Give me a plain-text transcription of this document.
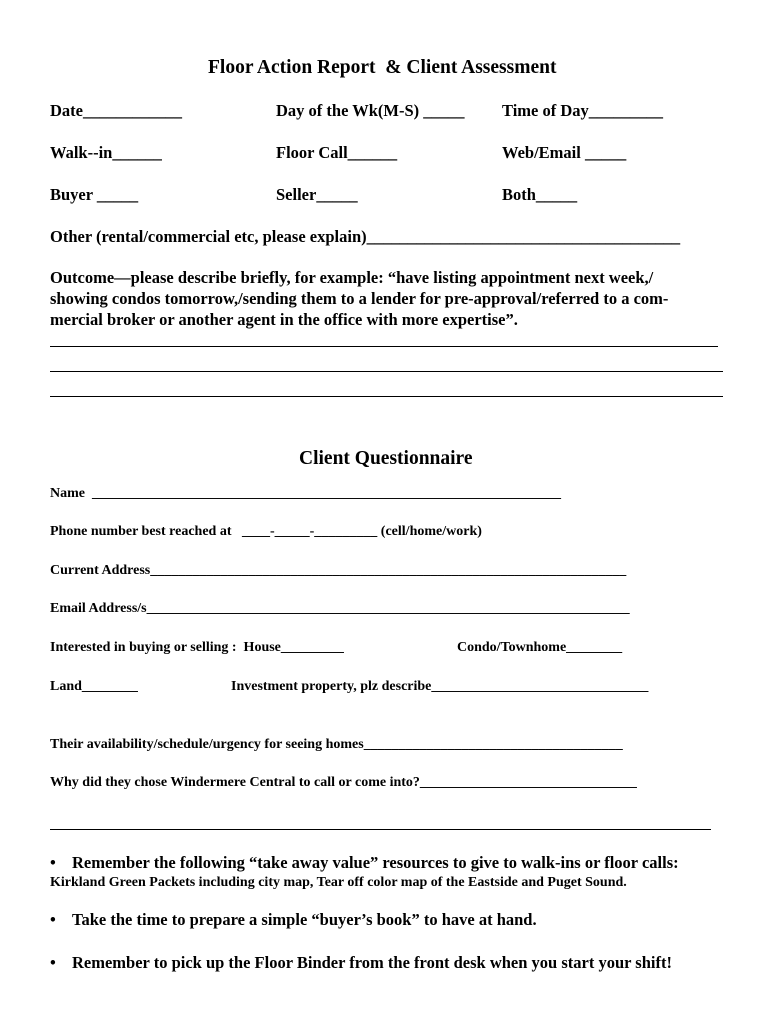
Floor Action Report  & Client Assessment
Date____________	Day of the Wk(M-S) _____ Time of Day_________
Walk--in______	Floor Call______	Web/Email _____
Buyer _____	Seller_____	Both_____
Other (rental/commercial etc, please explain)______________________________________
Outcome—please describe briefly, for example: “have listing appointment next week,/
showing condos tomorrow,/sending them to a lender for pre-approval/referred to a com-
mercial broker or another agent in the office with more expertise”.
Client Questionnaire
Name  ___________________________________________________________________
Phone number best reached at   ____-_____-_________ (cell/home/work)
Current Address____________________________________________________________________
Email Address/s_____________________________________________________________________
Interested in buying or selling :  House_________	Condo/Townhome________
Land________	Investment property, plz describe_______________________________
Their availability/schedule/urgency for seeing homes_____________________________________
Why did they chose Windermere Central to call or come into?_______________________________
• Remember the following “take away value” resources to give to walk-ins or floor calls:
Kirkland Green Packets including city map, Tear off color map of the Eastside and Puget Sound.
• Take the time to prepare a simple “buyer’s book” to have at hand.
• Remember to pick up the Floor Binder from the front desk when you start your shift!
